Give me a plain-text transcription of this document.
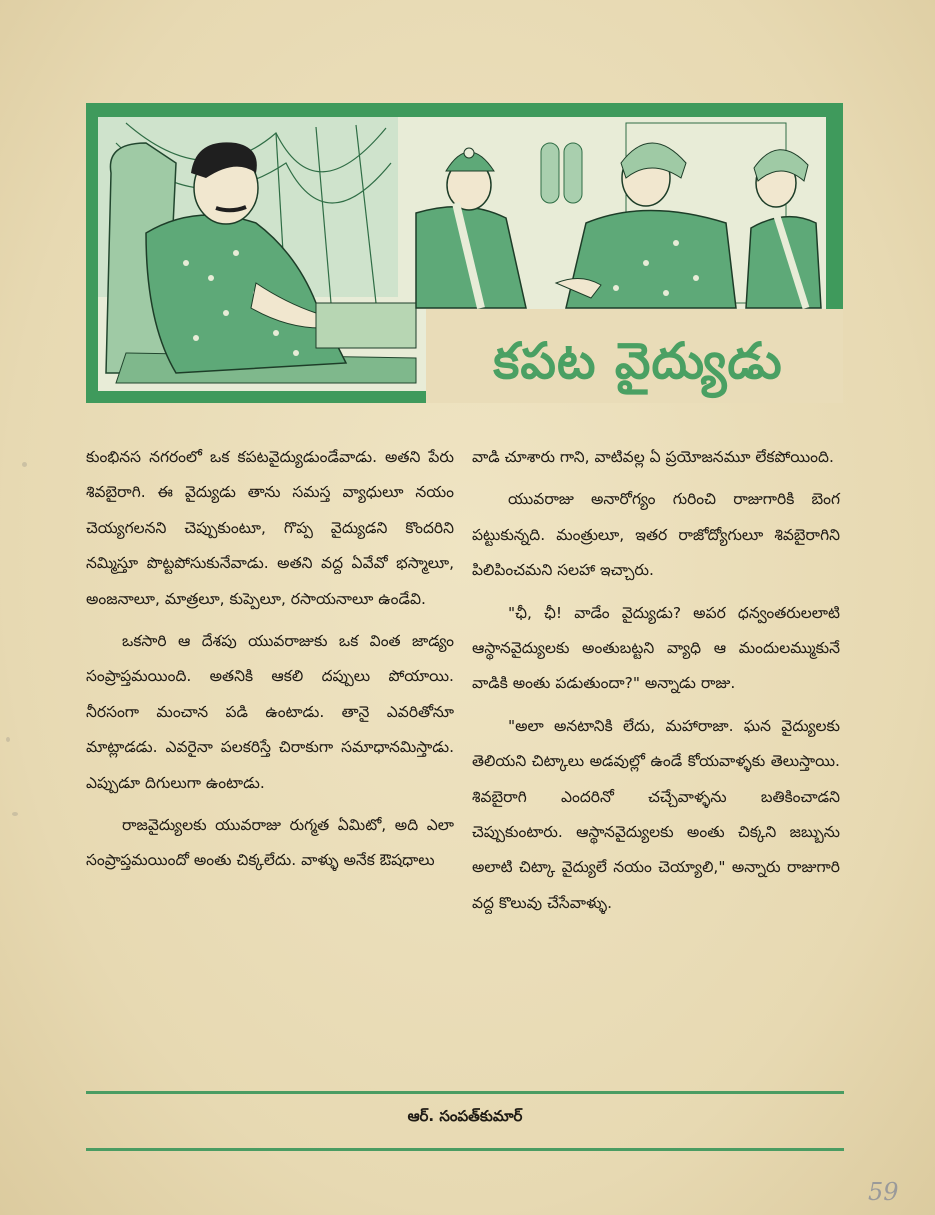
కపట వైద్యుడు

కుంభినస నగరంలో ఒక కపటవైద్యుడుండేవాడు. అతని పేరు శివబైరాగి. ఈ వైద్యుడు తాను సమస్త వ్యాధులూ నయం చెయ్యగలనని చెప్పుకుంటూ, గొప్ప వైద్యుడని కొందరిని నమ్మిస్తూ పొట్టపోసుకునేవాడు. అతని వద్ద ఏవేవో భస్మాలూ, అంజనాలూ, మాత్రలూ, కుప్పెలూ, రసాయనాలూ ఉండేవి.

ఒకసారి ఆ దేశపు యువరాజుకు ఒక వింత జాడ్యం సంప్రాప్తమయింది. అతనికి ఆకలి దప్పులు పోయాయి. నీరసంగా మంచాన పడి ఉంటాడు. తానై ఎవరితోనూ మాట్లాడడు. ఎవరైనా పలకరిస్తే చిరాకుగా సమాధానమిస్తాడు. ఎప్పుడూ దిగులుగా ఉంటాడు.

రాజవైద్యులకు యువరాజు రుగ్మత ఏమిటో, అది ఎలా సంప్రాప్తమయిందో అంతు చిక్కలేదు. వాళ్ళు అనేక ఔషధాలు

వాడి చూశారు గాని, వాటివల్ల ఏ ప్రయోజనమూ లేకపోయింది.

యువరాజు అనారోగ్యం గురించి రాజుగారికి బెంగ పట్టుకున్నది. మంత్రులూ, ఇతర రాజోద్యోగులూ శివబైరాగిని పిలిపించమని సలహా ఇచ్చారు.

"ఛీ, ఛీ! వాడేం వైద్యుడు? అపర ధన్వంతరులలాటి ఆస్థానవైద్యులకు అంతుబట్టని వ్యాధి ఆ మందులమ్ముకునే వాడికి అంతు పడుతుందా?" అన్నాడు రాజు.

"అలా అనటానికి లేదు, మహారాజా. ఘన వైద్యులకు తెలియని చిట్కాలు అడవుల్లో ఉండే కోయవాళ్ళకు తెలుస్తాయి. శివబైరాగి ఎందరినో చచ్చేవాళ్ళను బతికించాడని చెప్పుకుంటారు. ఆస్థానవైద్యులకు అంతు చిక్కని జబ్బును అలాటి చిట్కా వైద్యులే నయం చెయ్యాలి," అన్నారు రాజుగారి వద్ద కొలువు చేసేవాళ్ళు.

ఆర్. సంపత్‌కుమార్
59
